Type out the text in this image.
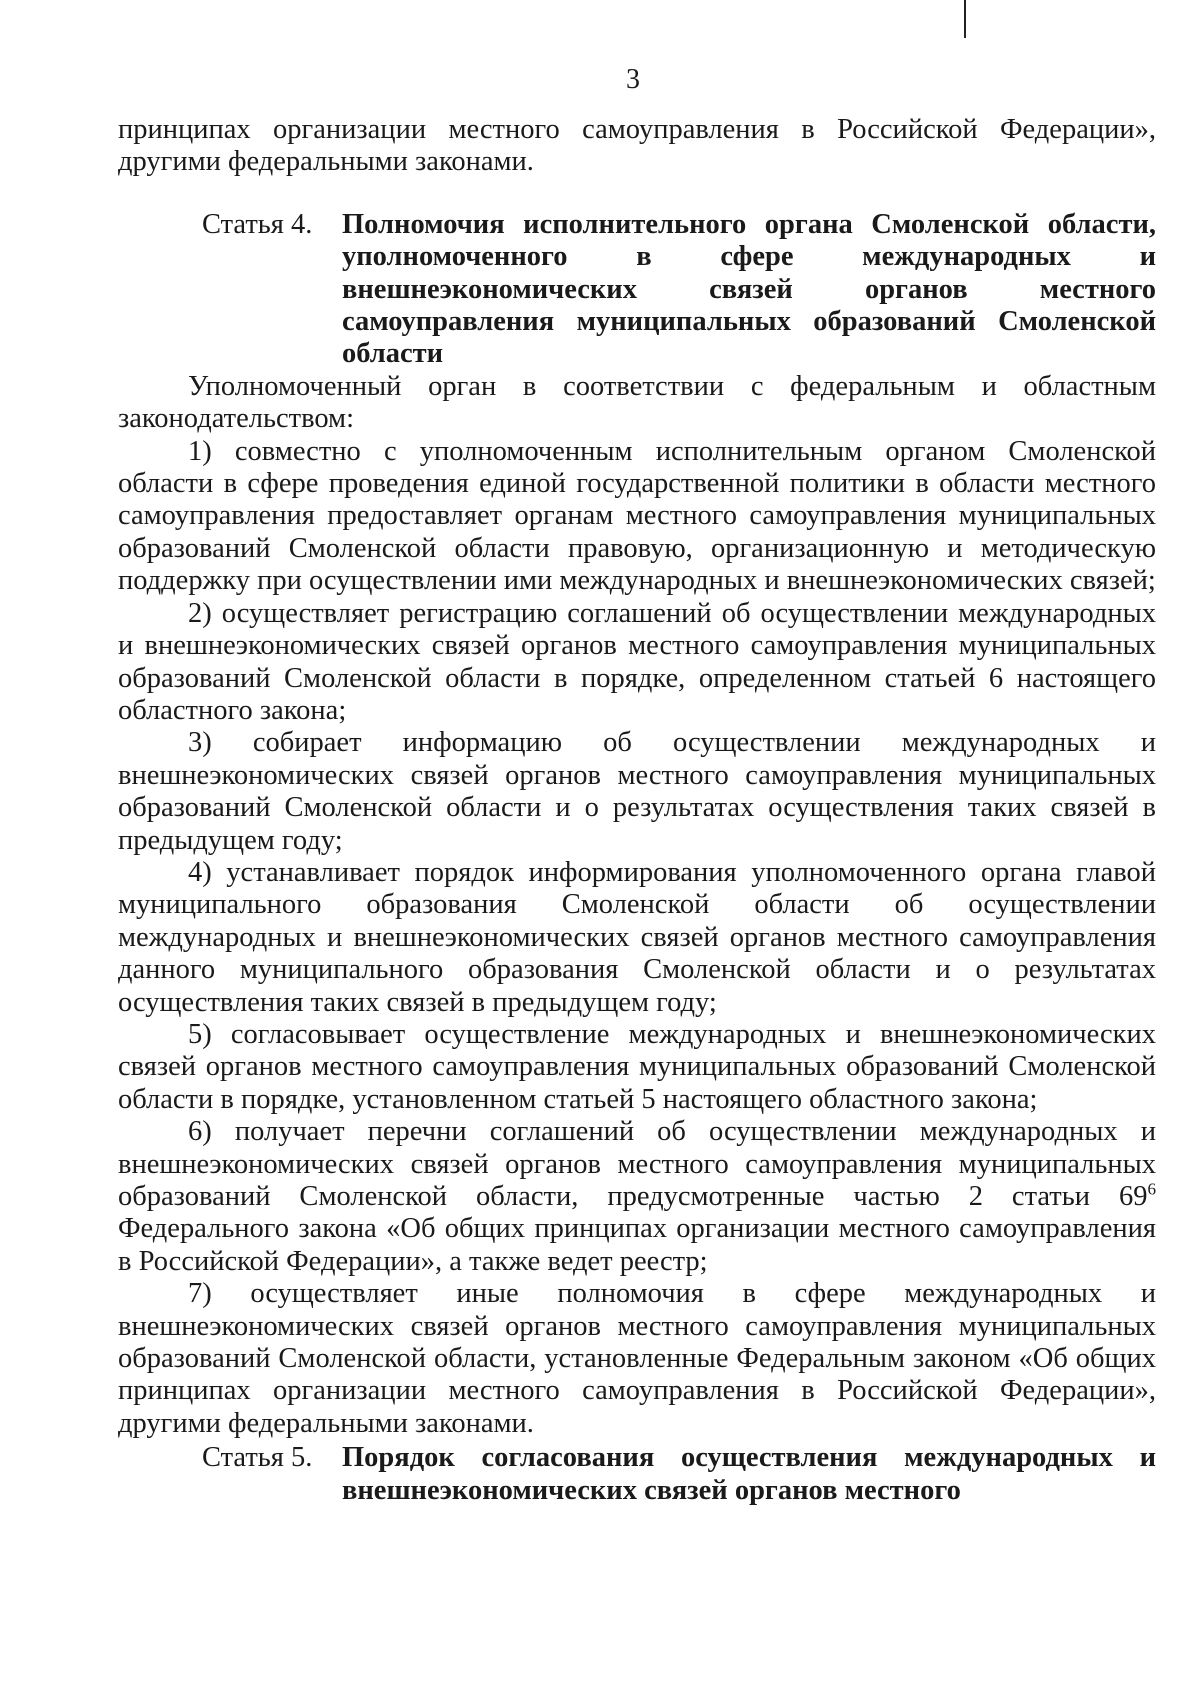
3

принципах организации местного самоуправления в Российской Федерации», другими федеральными законами.

Статья 4.	Полномочия исполнительного органа Смоленской области, уполномоченного в сфере международных и внешнеэкономических связей органов местного самоуправления муниципальных образований Смоленской области

Уполномоченный орган в соответствии с федеральным и областным законодательством:

1) совместно с уполномоченным исполнительным органом Смоленской области в сфере проведения единой государственной политики в области местного самоуправления предоставляет органам местного самоуправления муниципальных образований Смоленской области правовую, организационную и методическую поддержку при осуществлении ими международных и внешнеэкономических связей;

2) осуществляет регистрацию соглашений об осуществлении международных и внешнеэкономических связей органов местного самоуправления муниципальных образований Смоленской области в порядке, определенном статьей 6 настоящего областного закона;

3) собирает информацию об осуществлении международных и внешнеэкономических связей органов местного самоуправления муниципальных образований Смоленской области и о результатах осуществления таких связей в предыдущем году;

4) устанавливает порядок информирования уполномоченного органа главой муниципального образования Смоленской области об осуществлении международных и внешнеэкономических связей органов местного самоуправления данного муниципального образования Смоленской области и о результатах осуществления таких связей в предыдущем году;

5) согласовывает осуществление международных и внешнеэкономических связей органов местного самоуправления муниципальных образований Смоленской области в порядке, установленном статьей 5 настоящего областного закона;

6) получает перечни соглашений об осуществлении международных и внешнеэкономических связей органов местного самоуправления муниципальных образований Смоленской области, предусмотренные частью 2 статьи $69^6$ Федерального закона «Об общих принципах организации местного самоуправления в Российской Федерации», а также ведет реестр;

7) осуществляет иные полномочия в сфере международных и внешнеэкономических связей органов местного самоуправления муниципальных образований Смоленской области, установленные Федеральным законом «Об общих принципах организации местного самоуправления в Российской Федерации», другими федеральными законами.

Статья 5.	Порядок согласования осуществления международных и внешнеэкономических связей органов местного
